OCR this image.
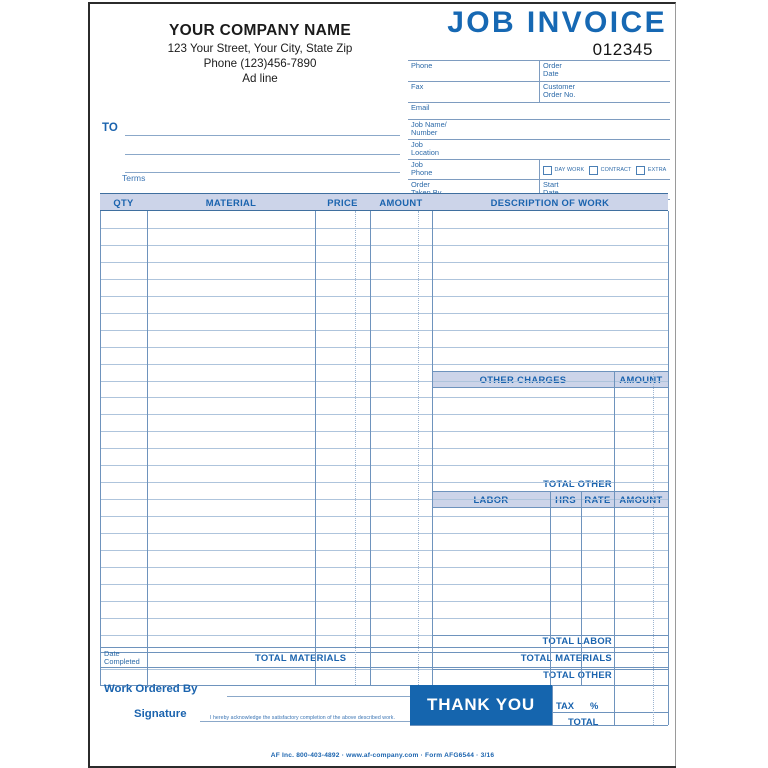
YOUR COMPANY NAME
123 Your Street, Your City, State Zip
Phone (123)456-7890
Ad line
JOB INVOICE
012345
TO
Terms
Phone	Order
Date
Fax	Customer
Order No.
Email
Job Name/
Number
Job
Location
Job
Phone	DAY WORK	CONTRACT	EXTRA
Order	Start
QTY	MATERIAL	PRICE	AMOUNT	DESCRIPTION OF WORK
OTHER CHARGES	AMOUNT
LABOR	HRS RATE AMOUNT
TOTAL OTHER
TOTAL LABOR
TOTAL MATERIALS
TOTAL OTHER
TOTAL MATERIALS
Date
Completed
Work Ordered By
Signature	I hereby acknowledge the satisfactory completion of the above described work.
THANK YOU	TAX %
TOTAL
AF Inc. 800-403-4892 · www.af-company.com · Form AFG6544 · 3/16
